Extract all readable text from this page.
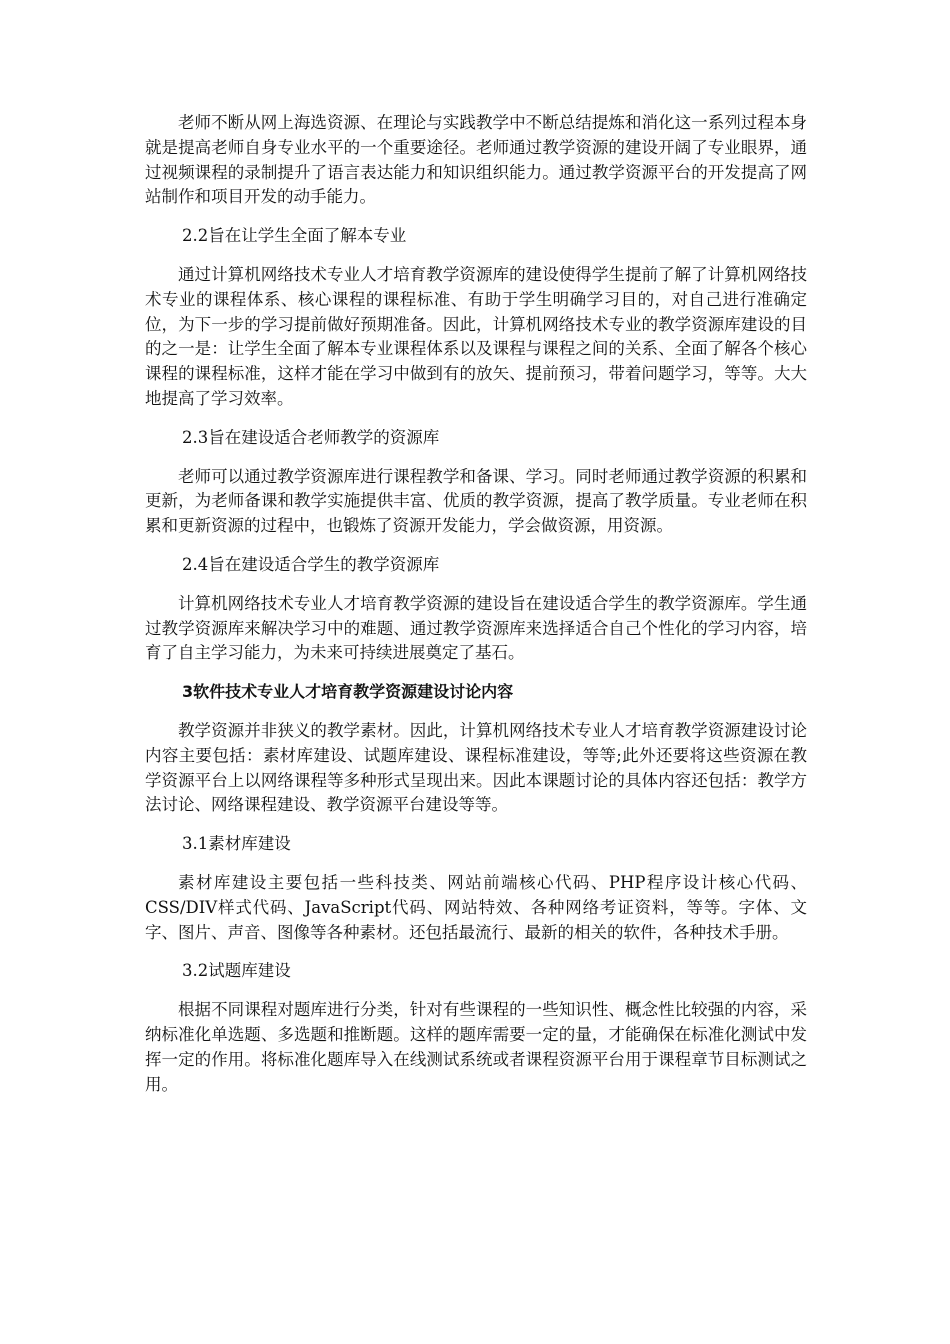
老师不断从网上海选资源、在理论与实践教学中不断总结提炼和消化这一系列过程本身就是提高老师自身专业水平的一个重要途径。老师通过教学资源的建设开阔了专业眼界，通过视频课程的录制提升了语言表达能力和知识组织能力。通过教学资源平台的开发提高了网站制作和项目开发的动手能力。

2.2旨在让学生全面了解本专业

通过计算机网络技术专业人才培育教学资源库的建设使得学生提前了解了计算机网络技术专业的课程体系、核心课程的课程标准、有助于学生明确学习目的，对自己进行准确定位，为下一步的学习提前做好预期准备。因此，计算机网络技术专业的教学资源库建设的目的之一是：让学生全面了解本专业课程体系以及课程与课程之间的关系、全面了解各个核心课程的课程标准，这样才能在学习中做到有的放矢、提前预习，带着问题学习，等等。大大地提高了学习效率。

2.3旨在建设适合老师教学的资源库

老师可以通过教学资源库进行课程教学和备课、学习。同时老师通过教学资源的积累和更新，为老师备课和教学实施提供丰富、优质的教学资源，提高了教学质量。专业老师在积累和更新资源的过程中，也锻炼了资源开发能力，学会做资源，用资源。

2.4旨在建设适合学生的教学资源库

计算机网络技术专业人才培育教学资源的建设旨在建设适合学生的教学资源库。学生通过教学资源库来解决学习中的难题、通过教学资源库来选择适合自己个性化的学习内容，培育了自主学习能力，为未来可持续进展奠定了基石。

3软件技术专业人才培育教学资源建设讨论内容

教学资源并非狭义的教学素材。因此，计算机网络技术专业人才培育教学资源建设讨论内容主要包括：素材库建设、试题库建设、课程标准建设，等等;此外还要将这些资源在教学资源平台上以网络课程等多种形式呈现出来。因此本课题讨论的具体内容还包括：教学方法讨论、网络课程建设、教学资源平台建设等等。

3.1素材库建设

素材库建设主要包括一些科技类、网站前端核心代码、PHP程序设计核心代码、CSS/DIV样式代码、JavaScript代码、网站特效、各种网络考证资料，等等。字体、文字、图片、声音、图像等各种素材。还包括最流行、最新的相关的软件，各种技术手册。

3.2试题库建设

根据不同课程对题库进行分类，针对有些课程的一些知识性、概念性比较强的内容，采纳标准化单选题、多选题和推断题。这样的题库需要一定的量，才能确保在标准化测试中发挥一定的作用。将标准化题库导入在线测试系统或者课程资源平台用于课程章节目标测试之用。
